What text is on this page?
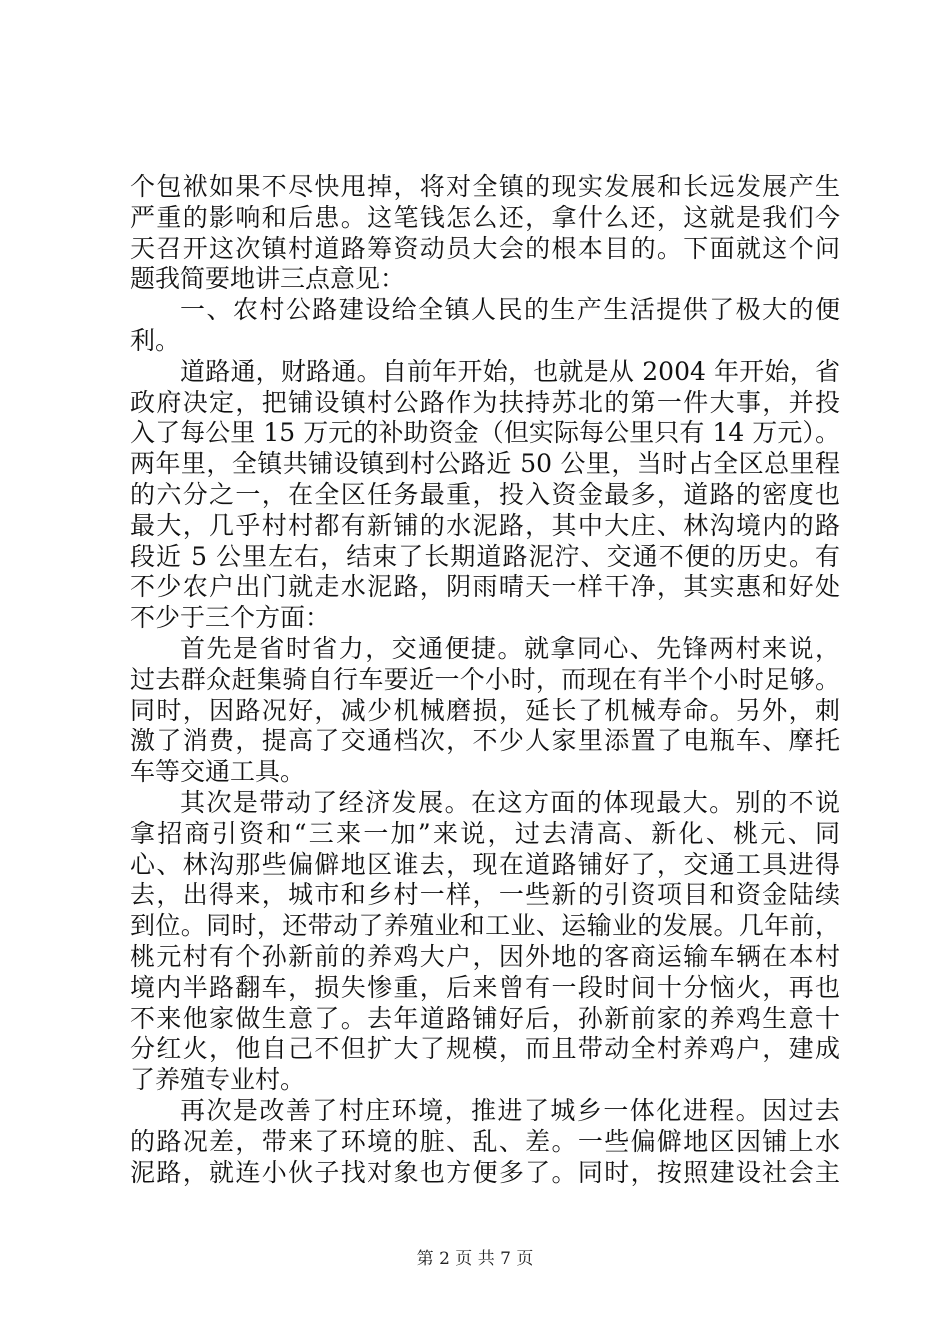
个包袱如果不尽快甩掉，将对全镇的现实发展和长远发展产生
严重的影响和后患。这笔钱怎么还，拿什么还，这就是我们今
天召开这次镇村道路筹资动员大会的根本目的。下面就这个问
题我简要地讲三点意见：
一、农村公路建设给全镇人民的生产生活提供了极大的便
利。
道路通，财路通。自前年开始，也就是从 2004 年开始，省
政府决定，把铺设镇村公路作为扶持苏北的第一件大事，并投
入了每公里 15 万元的补助资金（但实际每公里只有 14 万元）。
两年里，全镇共铺设镇到村公路近 50 公里，当时占全区总里程
的六分之一，在全区任务最重，投入资金最多，道路的密度也
最大，几乎村村都有新铺的水泥路，其中大庄、林沟境内的路
段近 5 公里左右，结束了长期道路泥泞、交通不便的历史。有
不少农户出门就走水泥路，阴雨晴天一样干净，其实惠和好处
不少于三个方面：
首先是省时省力，交通便捷。就拿同心、先锋两村来说，
过去群众赶集骑自行车要近一个小时，而现在有半个小时足够。
同时，因路况好，减少机械磨损，延长了机械寿命。另外，刺
激了消费，提高了交通档次，不少人家里添置了电瓶车、摩托
车等交通工具。
其次是带动了经济发展。在这方面的体现最大。别的不说
拿招商引资和“三来一加”来说，过去清高、新化、桃元、同
心、林沟那些偏僻地区谁去，现在道路铺好了，交通工具进得
去，出得来，城市和乡村一样，一些新的引资项目和资金陆续
到位。同时，还带动了养殖业和工业、运输业的发展。几年前，
桃元村有个孙新前的养鸡大户，因外地的客商运输车辆在本村
境内半路翻车，损失惨重，后来曾有一段时间十分恼火，再也
不来他家做生意了。去年道路铺好后，孙新前家的养鸡生意十
分红火，他自己不但扩大了规模，而且带动全村养鸡户，建成
了养殖专业村。
再次是改善了村庄环境，推进了城乡一体化进程。因过去
的路况差，带来了环境的脏、乱、差。一些偏僻地区因铺上水
泥路，就连小伙子找对象也方便多了。同时，按照建设社会主
第 2 页 共 7 页
